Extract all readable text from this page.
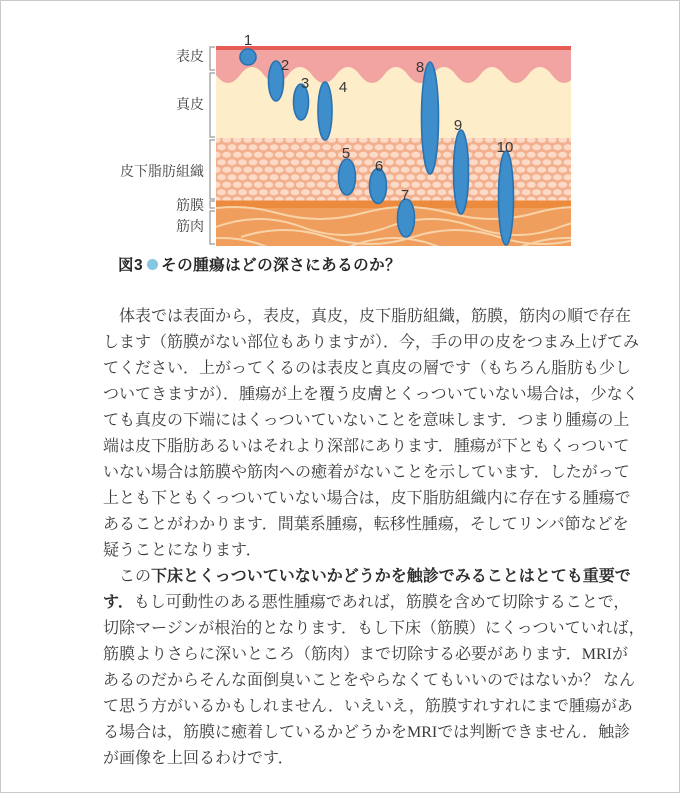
1
2
3 4
5
6
7
8
9
10
表皮
真皮
皮下脂肪組織
筋膜
筋肉
図3 その腫瘍はどの深さにあるのか？
　体表では表面から，表皮，真皮，皮下脂肪組織，筋膜，筋肉の順で存在
します（筋膜がない部位もありますが）．今，手の甲の皮をつまみ上げてみ
てください．上がってくるのは表皮と真皮の層です（もちろん脂肪も少し
ついてきますが）．腫瘍が上を覆う皮膚とくっついていない場合は，少なく
ても真皮の下端にはくっついていないことを意味します．つまり腫瘍の上
端は皮下脂肪あるいはそれより深部にあります．腫瘍が下ともくっついて
いない場合は筋膜や筋肉への癒着がないことを示しています．したがって
上とも下ともくっついていない場合は，皮下脂肪組織内に存在する腫瘍で
あることがわかります．間葉系腫瘍，転移性腫瘍，そしてリンパ節などを
疑うことになります．
　この下床とくっついていないかどうかを触診でみることはとても重要で
す．もし可動性のある悪性腫瘍であれば，筋膜を含めて切除することで，
切除マージンが根治的となります．もし下床（筋膜）にくっついていれば，
筋膜よりさらに深いところ（筋肉）まで切除する必要があります．MRIが
あるのだからそんな面倒臭いことをやらなくてもいいのではないか？ なん
て思う方がいるかもしれません．いえいえ，筋膜すれすれにまで腫瘍があ
る場合は，筋膜に癒着しているかどうかをMRIでは判断できません．触診
が画像を上回るわけです．
